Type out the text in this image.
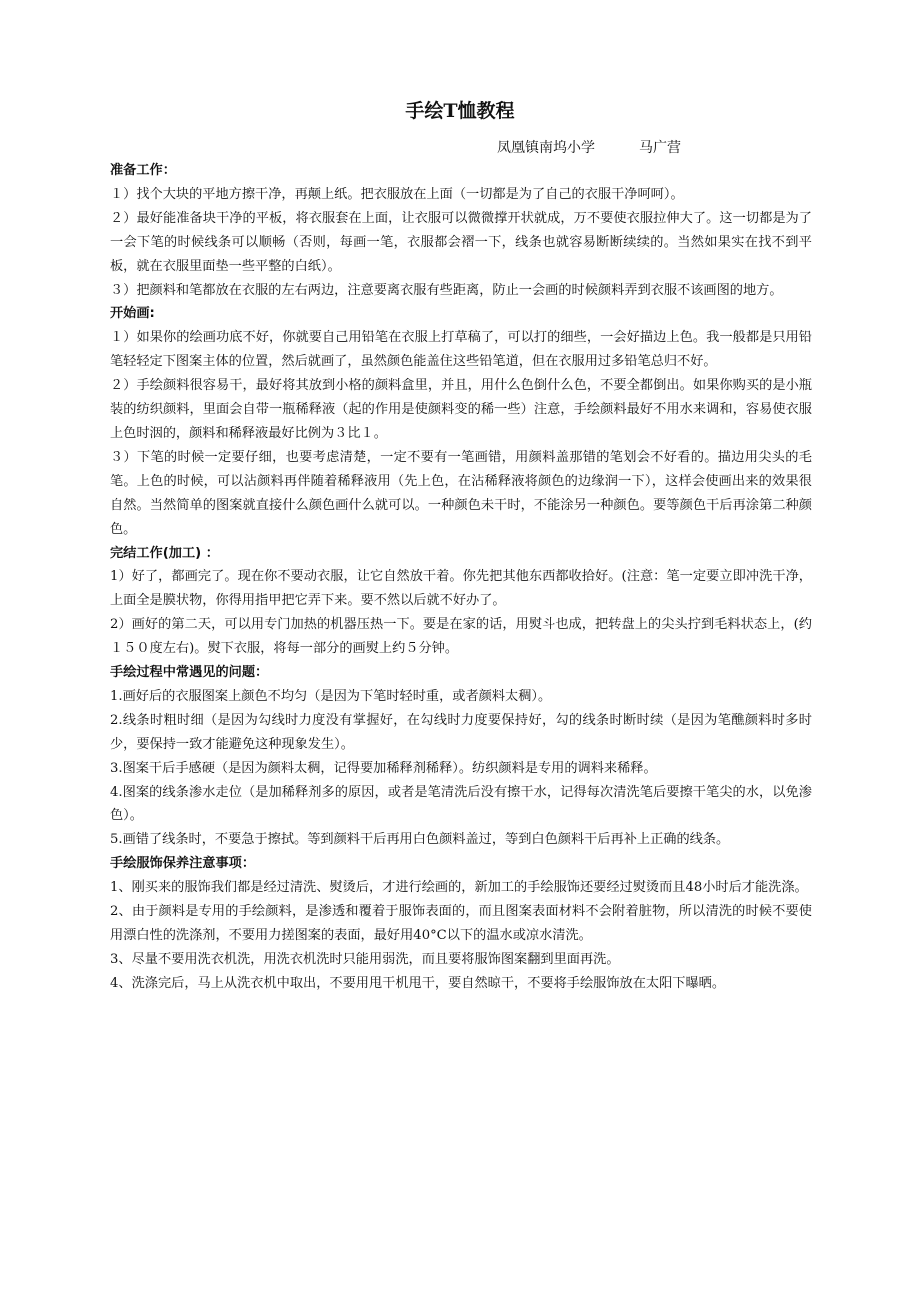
手绘T恤教程
凤凰镇南坞小学	马广营
准备工作：

１）找个大块的平地方擦干净，再颠上纸。把衣服放在上面（一切都是为了自己的衣服干净呵呵）。

２）最好能准备块干净的平板，将衣服套在上面，让衣服可以微微撑开状就成，万不要使衣服拉伸大了。这一切都是为了一会下笔的时候线条可以顺畅（否则，每画一笔，衣服都会褶一下，线条也就容易断断续续的。当然如果实在找不到平板，就在衣服里面垫一些平整的白纸）。

３）把颜料和笔都放在衣服的左右两边，注意要离衣服有些距离，防止一会画的时候颜料弄到衣服不该画图的地方。

开始画:

１）如果你的绘画功底不好，你就要自己用铅笔在衣服上打草稿了，可以打的细些，一会好描边上色。我一般都是只用铅笔轻轻定下图案主体的位置，然后就画了，虽然颜色能盖住这些铅笔道，但在衣服用过多铅笔总归不好。

２）手绘颜料很容易干，最好将其放到小格的颜料盒里，并且，用什么色倒什么色，不要全都倒出。如果你购买的是小瓶装的纺织颜料，里面会自带一瓶稀释液（起的作用是使颜料变的稀一些）注意，手绘颜料最好不用水来调和，容易使衣服上色时洇的，颜料和稀释液最好比例为３比１。

３）下笔的时候一定要仔细，也要考虑清楚，一定不要有一笔画错，用颜料盖那错的笔划会不好看的。描边用尖头的毛笔。上色的时候，可以沾颜料再伴随着稀释液用（先上色，在沾稀释液将颜色的边缘润一下），这样会使画出来的效果很自然。当然简单的图案就直接什么颜色画什么就可以。一种颜色未干时，不能涂另一种颜色。要等颜色干后再涂第二种颜色。

完结工作(加工) ：

1）好了，都画完了。现在你不要动衣服，让它自然放干着。你先把其他东西都收拾好。(注意：笔一定要立即冲洗干净，上面全是膜状物，你得用指甲把它弄下来。要不然以后就不好办了。

2）画好的第二天，可以用专门加热的机器压热一下。要是在家的话，用熨斗也成，把转盘上的尖头拧到毛料状态上，(约１５０度左右)。熨下衣服，将每一部分的画熨上约５分钟。

手绘过程中常遇见的问题：

1.画好后的衣服图案上颜色不均匀（是因为下笔时轻时重，或者颜料太稠）。

2.线条时粗时细（是因为勾线时力度没有掌握好，在勾线时力度要保持好，勾的线条时断时续（是因为笔醮颜料时多时少，要保持一致才能避免这种现象发生）。

3.图案干后手感硬（是因为颜料太稠，记得要加稀释剂稀释）。纺织颜料是专用的调料来稀释。

4.图案的线条渗水走位（是加稀释剂多的原因，或者是笔清洗后没有擦干水，记得每次清洗笔后要擦干笔尖的水，以免渗色）。

5.画错了线条时，不要急于擦拭。等到颜料干后再用白色颜料盖过，等到白色颜料干后再补上正确的线条。

手绘服饰保养注意事项：

1、刚买来的服饰我们都是经过清洗、熨烫后，才进行绘画的，新加工的手绘服饰还要经过熨烫而且48小时后才能洗涤。

2、由于颜料是专用的手绘颜料，是渗透和覆着于服饰表面的，而且图案表面材料不会附着脏物，所以清洗的时候不要使用漂白性的洗涤剂，不要用力搓图案的表面，最好用40°C以下的温水或凉水清洗。

3、尽量不要用洗衣机洗，用洗衣机洗时只能用弱洗，而且要将服饰图案翻到里面再洗。

4、洗涤完后，马上从洗衣机中取出，不要用甩干机甩干，要自然晾干，不要将手绘服饰放在太阳下曝晒。
